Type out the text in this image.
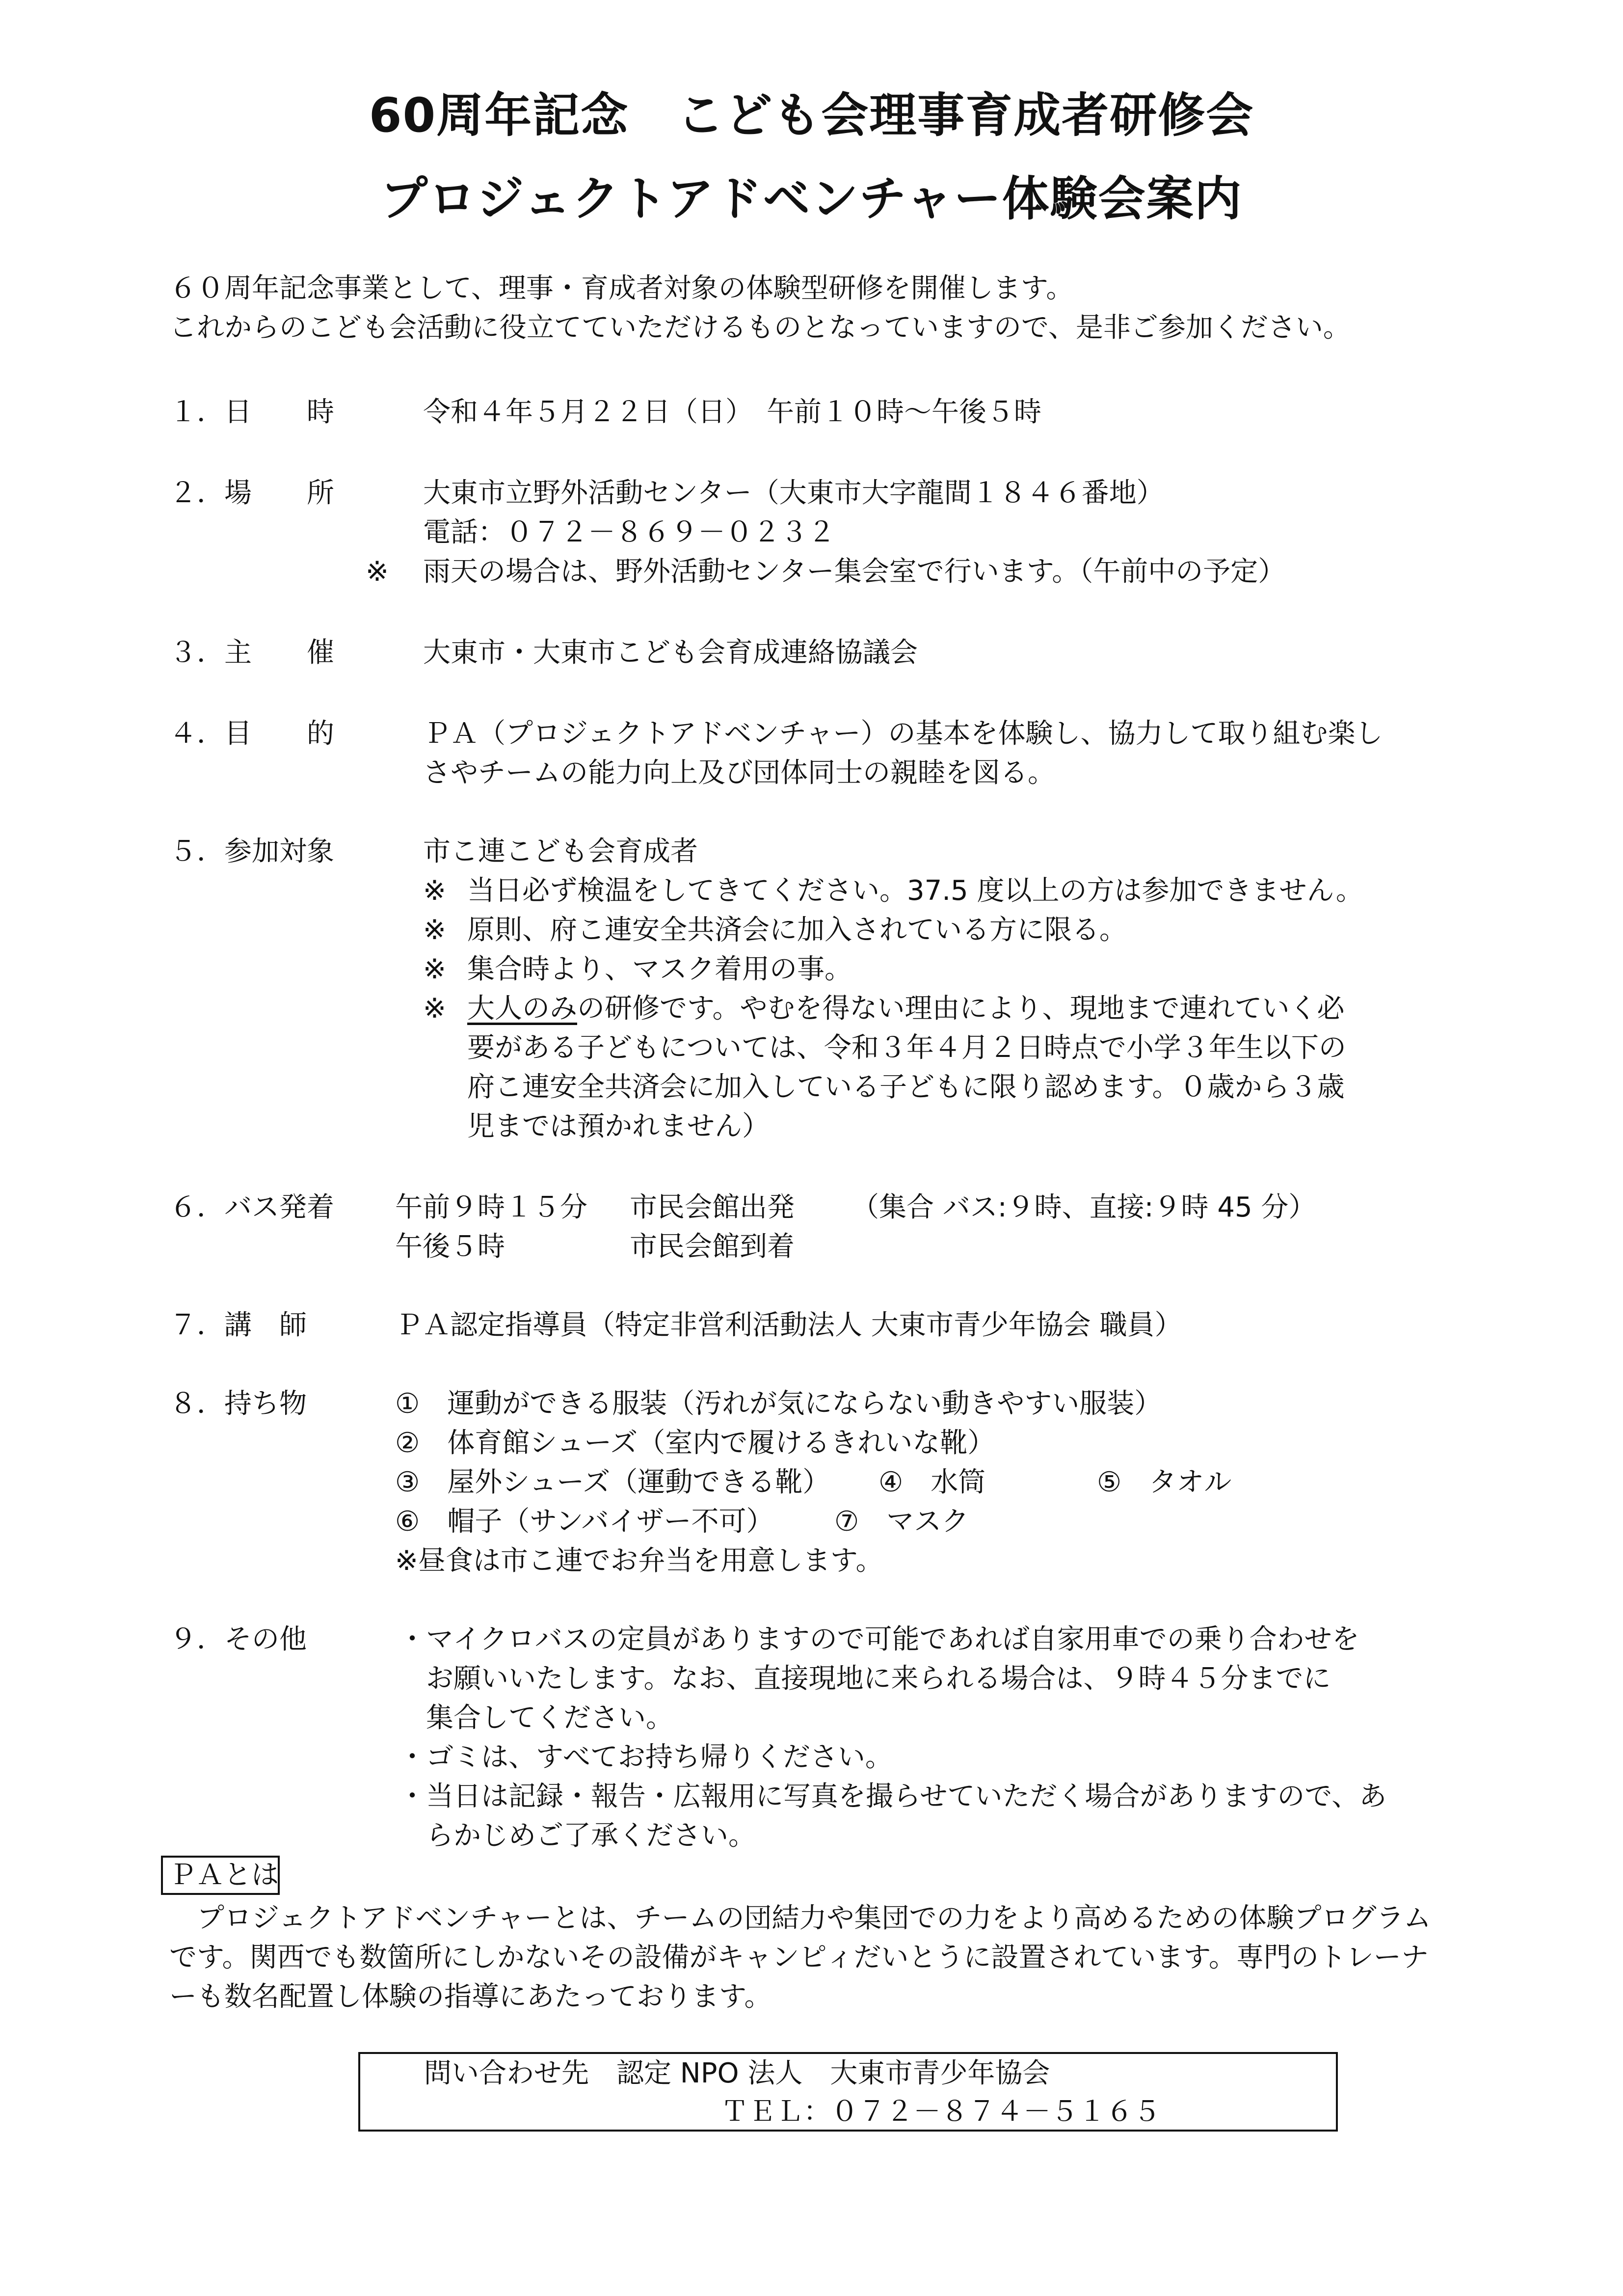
60周年記念　こども会理事育成者研修会
プロジェクトアドベンチャー体験会案内
６０周年記念事業として、理事・育成者対象の体験型研修を開催します。
これからのこども会活動に役立てていただけるものとなっていますので、是非ご参加ください。
１．日　　時	令和４年５月２２日（日）　午前１０時～午後５時
２．場　　所	大東市立野外活動センター（大東市大字龍間１８４６番地）
電話：０７２－８６９－０２３２
※ 雨天の場合は、野外活動センター集会室で行います。（午前中の予定）
３．主　　催	大東市・大東市こども会育成連絡協議会
４．目　　的	ＰＡ（プロジェクトアドベンチャー）の基本を体験し、協力して取り組む楽し
さやチームの能力向上及び団体同士の親睦を図る。
５．参加対象	市こ連こども会育成者
※ 当日必ず検温をしてきてください。37.5 度以上の方は参加できません。
※ 原則、府こ連安全共済会に加入されている方に限る。
※ 集合時より、マスク着用の事。
※ 大人のみの研修です。やむを得ない理由により、現地まで連れていく必
要がある子どもについては、令和３年４月２日時点で小学３年生以下の
府こ連安全共済会に加入している子どもに限り認めます。０歳から３歳
児までは預かれません）
６．バス発着 午前９時１５分 市民会館出発 （集合 バス:９時、直接:９時 45 分）
午後５時	市民会館到着
７．講　師	ＰＡ認定指導員（特定非営利活動法人 大東市青少年協会 職員）
８．持ち物	①　運動ができる服装（汚れが気にならない動きやすい服装）
②　体育館シューズ（室内で履けるきれいな靴）
③　屋外シューズ（運動できる靴） ④　水筒	⑤　タオル
⑥　帽子（サンバイザー不可） ⑦　マスク
※昼食は市こ連でお弁当を用意します。
９．その他	・マイクロバスの定員がありますので可能であれば自家用車での乗り合わせを
お願いいたします。なお、直接現地に来られる場合は、９時４５分までに
集合してください。
・ゴミは、すべてお持ち帰りください。
・当日は記録・報告・広報用に写真を撮らせていただく場合がありますので、あ
らかじめご了承ください。
ＰＡとは
　プロジェクトアドベンチャーとは、チームの団結力や集団での力をより高めるための体験プログラム
です。関西でも数箇所にしかないその設備がキャンピィだいとうに設置されています。専門のトレーナ
ーも数名配置し体験の指導にあたっております。
問い合わせ先　認定 NPO 法人　大東市青少年協会
ＴＥＬ：０７２－８７４－５１６５
